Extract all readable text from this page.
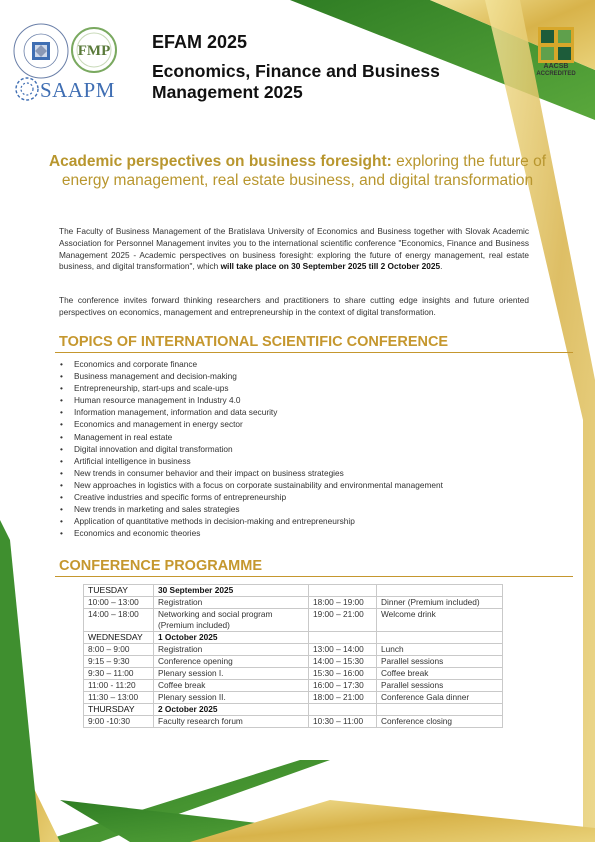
FMP
SAAPM
AACSB
ACCREDITED
EFAM 2025
Economics, Finance and Business Management 2025
Academic perspectives on business foresight: exploring the future of energy management, real estate business, and digital transformation
The Faculty of Business Management of the Bratislava University of Economics and Business together with Slovak Academic Association for Personnel Management invites you to the international scientific conference "Economics, Finance and Business Management 2025 - Academic perspectives on business foresight: exploring the future of energy management, real estate business, and digital transformation", which will take place on 30 September 2025 till 2 October 2025.
The conference invites forward thinking researchers and practitioners to share cutting edge insights and future oriented perspectives on economics, management and entrepreneurship in the context of digital transformation.
TOPICS OF INTERNATIONAL SCIENTIFIC CONFERENCE
• Economics and corporate finance
• Business management and decision-making
• Entrepreneurship, start-ups and scale-ups
• Human resource management in Industry 4.0
• Information management, information and data security
• Economics and management in energy sector
• Management in real estate
• Digital innovation and digital transformation
• Artificial intelligence in business
• New trends in consumer behavior and their impact on business strategies
• New approaches in logistics with a focus on corporate sustainability and environmental management
• Creative industries and specific forms of entrepreneurship
• New trends in marketing and sales strategies
• Application of quantitative methods in decision-making and entrepreneurship
• Economics and economic theories
CONFERENCE PROGRAMME
TUESDAY	30 September 2025		
10:00 – 13:00	Registration	18:00 – 19:00	Dinner (Premium included)
14:00 – 18:00	Networking and social program (Premium included)	19:00 – 21:00	Welcome drink
WEDNESDAY	1 October 2025		
8:00 – 9:00	Registration	13:00 – 14:00	Lunch
9:15 – 9:30	Conference opening	14:00 – 15:30	Parallel sessions
9:30 – 11:00	Plenary session I.	15:30 – 16:00	Coffee break
11:00 - 11:20	Coffee break	16:00 – 17:30	Parallel sessions
11:30 – 13:00	Plenary session II.	18:00 – 21:00	Conference Gala dinner
THURSDAY	2 October 2025		
9:00 -10:30	Faculty research forum	10:30 – 11:00	Conference closing
